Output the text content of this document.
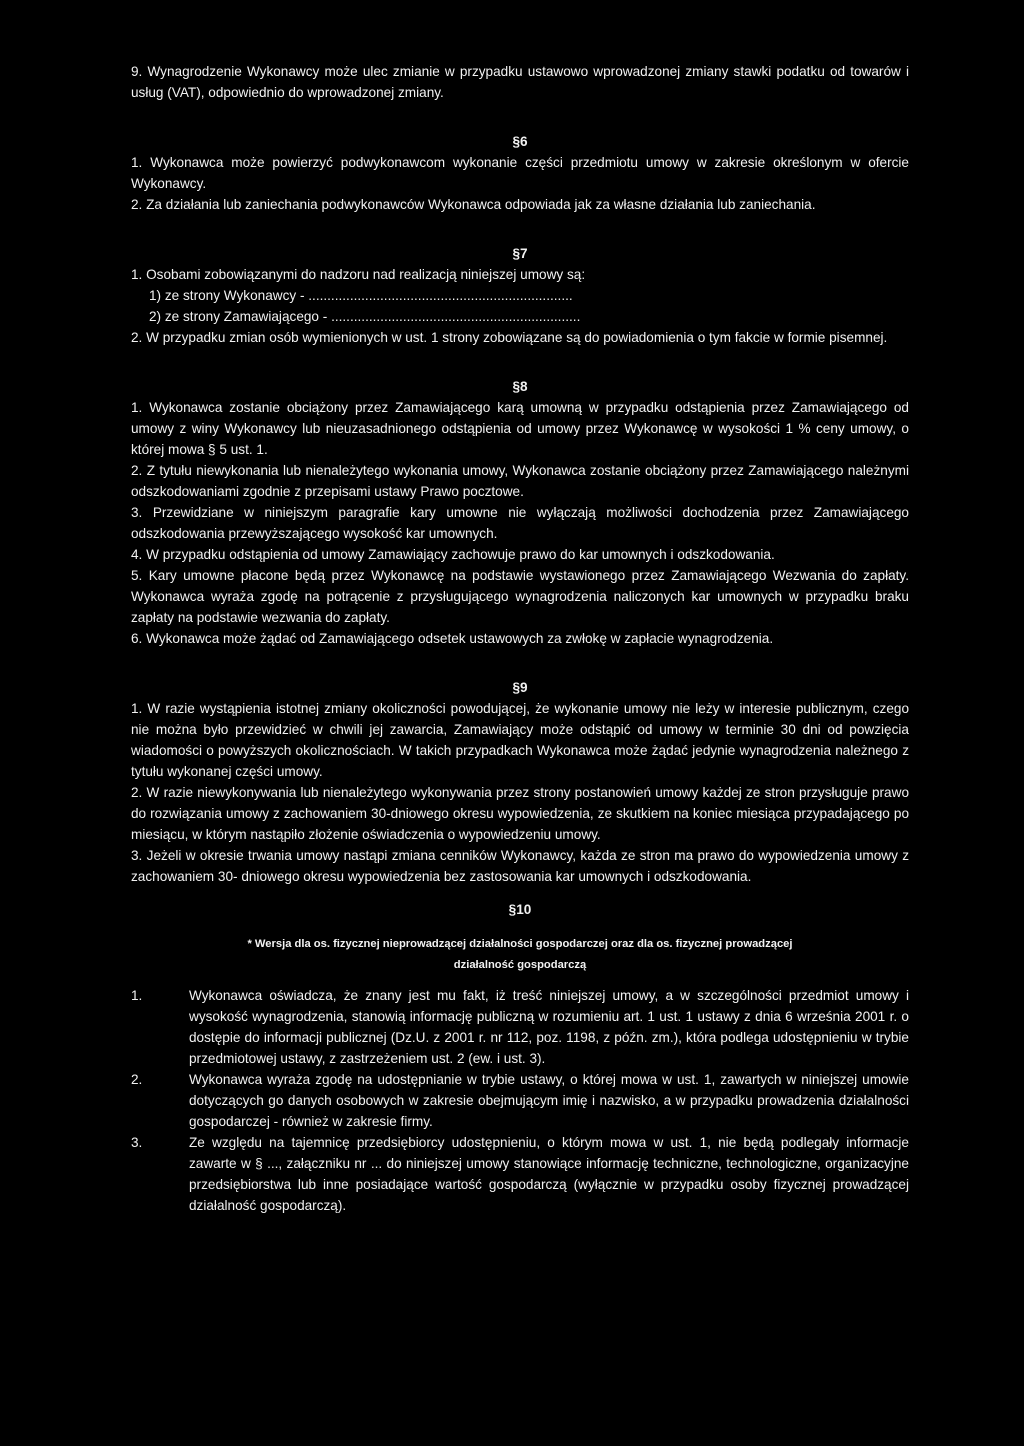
9. Wynagrodzenie Wykonawcy może ulec zmianie w przypadku ustawowo wprowadzonej zmiany stawki podatku od towarów i usług (VAT), odpowiednio do wprowadzonej zmiany.

§6

1. Wykonawca może powierzyć podwykonawcom wykonanie części przedmiotu umowy w zakresie określonym w ofercie Wykonawcy.

2. Za działania lub zaniechania podwykonawców Wykonawca odpowiada jak za własne działania lub zaniechania.

§7

1. Osobami zobowiązanymi do nadzoru nad realizacją niniejszej umowy są:

1) ze strony Wykonawcy - ......................................................................

2) ze strony Zamawiającego - ..................................................................

2. W przypadku zmian osób wymienionych w ust. 1 strony zobowiązane są do powiadomienia o tym fakcie w formie pisemnej.

§8

1. Wykonawca zostanie obciążony przez Zamawiającego karą umowną w przypadku odstąpienia przez Zamawiającego od umowy z winy Wykonawcy lub nieuzasadnionego odstąpienia od umowy przez Wykonawcę w wysokości 1 % ceny umowy, o której mowa § 5 ust. 1.

2. Z tytułu niewykonania lub nienależytego wykonania umowy, Wykonawca zostanie obciążony przez Zamawiającego należnymi odszkodowaniami zgodnie z przepisami ustawy Prawo pocztowe.

3. Przewidziane w niniejszym paragrafie kary umowne nie wyłączają możliwości dochodzenia przez Zamawiającego odszkodowania przewyższającego wysokość kar umownych.

4. W przypadku odstąpienia od umowy Zamawiający zachowuje prawo do kar umownych i odszkodowania.

5. Kary umowne płacone będą przez Wykonawcę na podstawie wystawionego przez Zamawiającego Wezwania do zapłaty. Wykonawca wyraża zgodę na potrącenie z przysługującego wynagrodzenia naliczonych kar umownych w przypadku braku zapłaty na podstawie wezwania do zapłaty.

6. Wykonawca może żądać od Zamawiającego odsetek ustawowych za zwłokę w zapłacie wynagrodzenia.

§9

1. W razie wystąpienia istotnej zmiany okoliczności powodującej, że wykonanie umowy nie leży w interesie publicznym, czego nie można było przewidzieć w chwili jej zawarcia, Zamawiający może odstąpić od umowy w terminie 30 dni od powzięcia wiadomości o powyższych okolicznościach. W takich przypadkach Wykonawca może żądać jedynie wynagrodzenia należnego z tytułu wykonanej części umowy.

2. W razie niewykonywania lub nienależytego wykonywania przez strony postanowień umowy każdej ze stron przysługuje prawo do rozwiązania umowy z zachowaniem 30-dniowego okresu wypowiedzenia, ze skutkiem na koniec miesiąca przypadającego po miesiącu, w którym nastąpiło złożenie oświadczenia o wypowiedzeniu umowy.

3. Jeżeli w okresie trwania umowy nastąpi zmiana cenników Wykonawcy, każda ze stron ma prawo do wypowiedzenia umowy z zachowaniem 30- dniowego okresu wypowiedzenia bez zastosowania kar umownych i odszkodowania.

§10
* Wersja dla os. fizycznej nieprowadzącej działalności gospodarczej oraz dla os. fizycznej prowadzącej
działalność gospodarczą
1.	Wykonawca oświadcza, że znany jest mu fakt, iż treść niniejszej umowy, a w szczególności przedmiot umowy i wysokość wynagrodzenia, stanowią informację publiczną w rozumieniu art. 1 ust. 1 ustawy z dnia 6 września 2001 r. o dostępie do informacji publicznej (Dz.U. z 2001 r. nr 112, poz. 1198, z późn. zm.), która podlega udostępnieniu w trybie przedmiotowej ustawy, z zastrzeżeniem ust. 2 (ew. i ust. 3).
2.	Wykonawca wyraża zgodę na udostępnianie w trybie ustawy, o której mowa w ust. 1, zawartych w niniejszej umowie dotyczących go danych osobowych w zakresie obejmującym imię i nazwisko, a w przypadku prowadzenia działalności gospodarczej - również w zakresie firmy.
3.	Ze względu na tajemnicę przedsiębiorcy udostępnieniu, o którym mowa w ust. 1, nie będą podlegały informacje zawarte w § ..., załączniku nr ... do niniejszej umowy stanowiące informację techniczne, technologiczne, organizacyjne przedsiębiorstwa lub inne posiadające wartość gospodarczą (wyłącznie w przypadku osoby fizycznej prowadzącej działalność gospodarczą).
